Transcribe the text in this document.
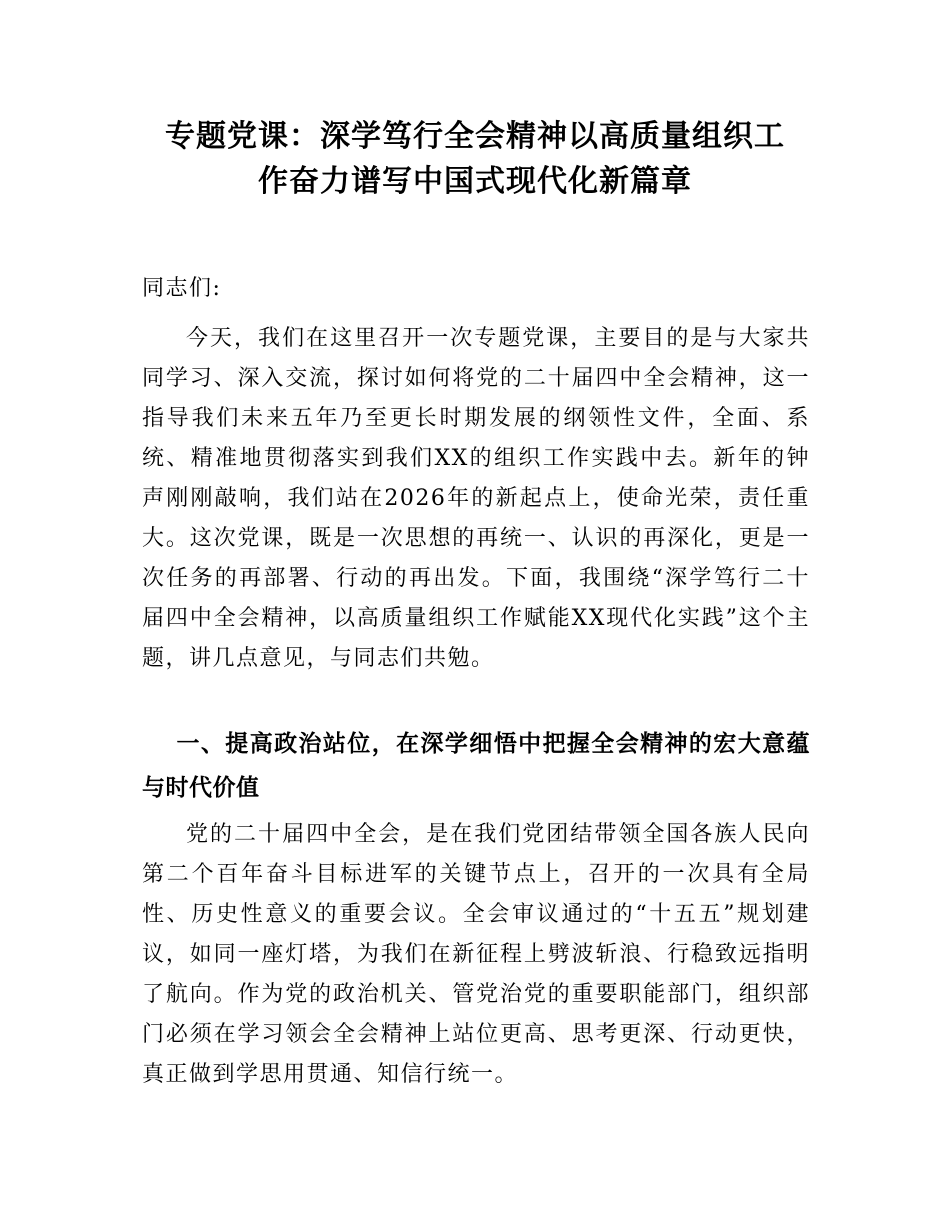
专题党课：深学笃行全会精神以高质量组织工
作奋力谱写中国式现代化新篇章

同志们:

今天，我们在这里召开一次专题党课，主要目的是与大家共同学习、深入交流，探讨如何将党的二十届四中全会精神，这一指导我们未来五年乃至更长时期发展的纲领性文件，全面、系统、精准地贯彻落实到我们XX的组织工作实践中去。新年的钟声刚刚敲响，我们站在2026年的新起点上，使命光荣，责任重大。这次党课，既是一次思想的再统一、认识的再深化，更是一次任务的再部署、行动的再出发。下面，我围绕“深学笃行二十届四中全会精神，以高质量组织工作赋能XX现代化实践”这个主题，讲几点意见，与同志们共勉。

一、提高政治站位，在深学细悟中把握全会精神的宏大意蕴与时代价值

党的二十届四中全会，是在我们党团结带领全国各族人民向第二个百年奋斗目标进军的关键节点上，召开的一次具有全局性、历史性意义的重要会议。全会审议通过的“十五五”规划建议，如同一座灯塔，为我们在新征程上劈波斩浪、行稳致远指明了航向。作为党的政治机关、管党治党的重要职能部门，组织部门必须在学习领会全会精神上站位更高、思考更深、行动更快，真正做到学思用贯通、知信行统一。
